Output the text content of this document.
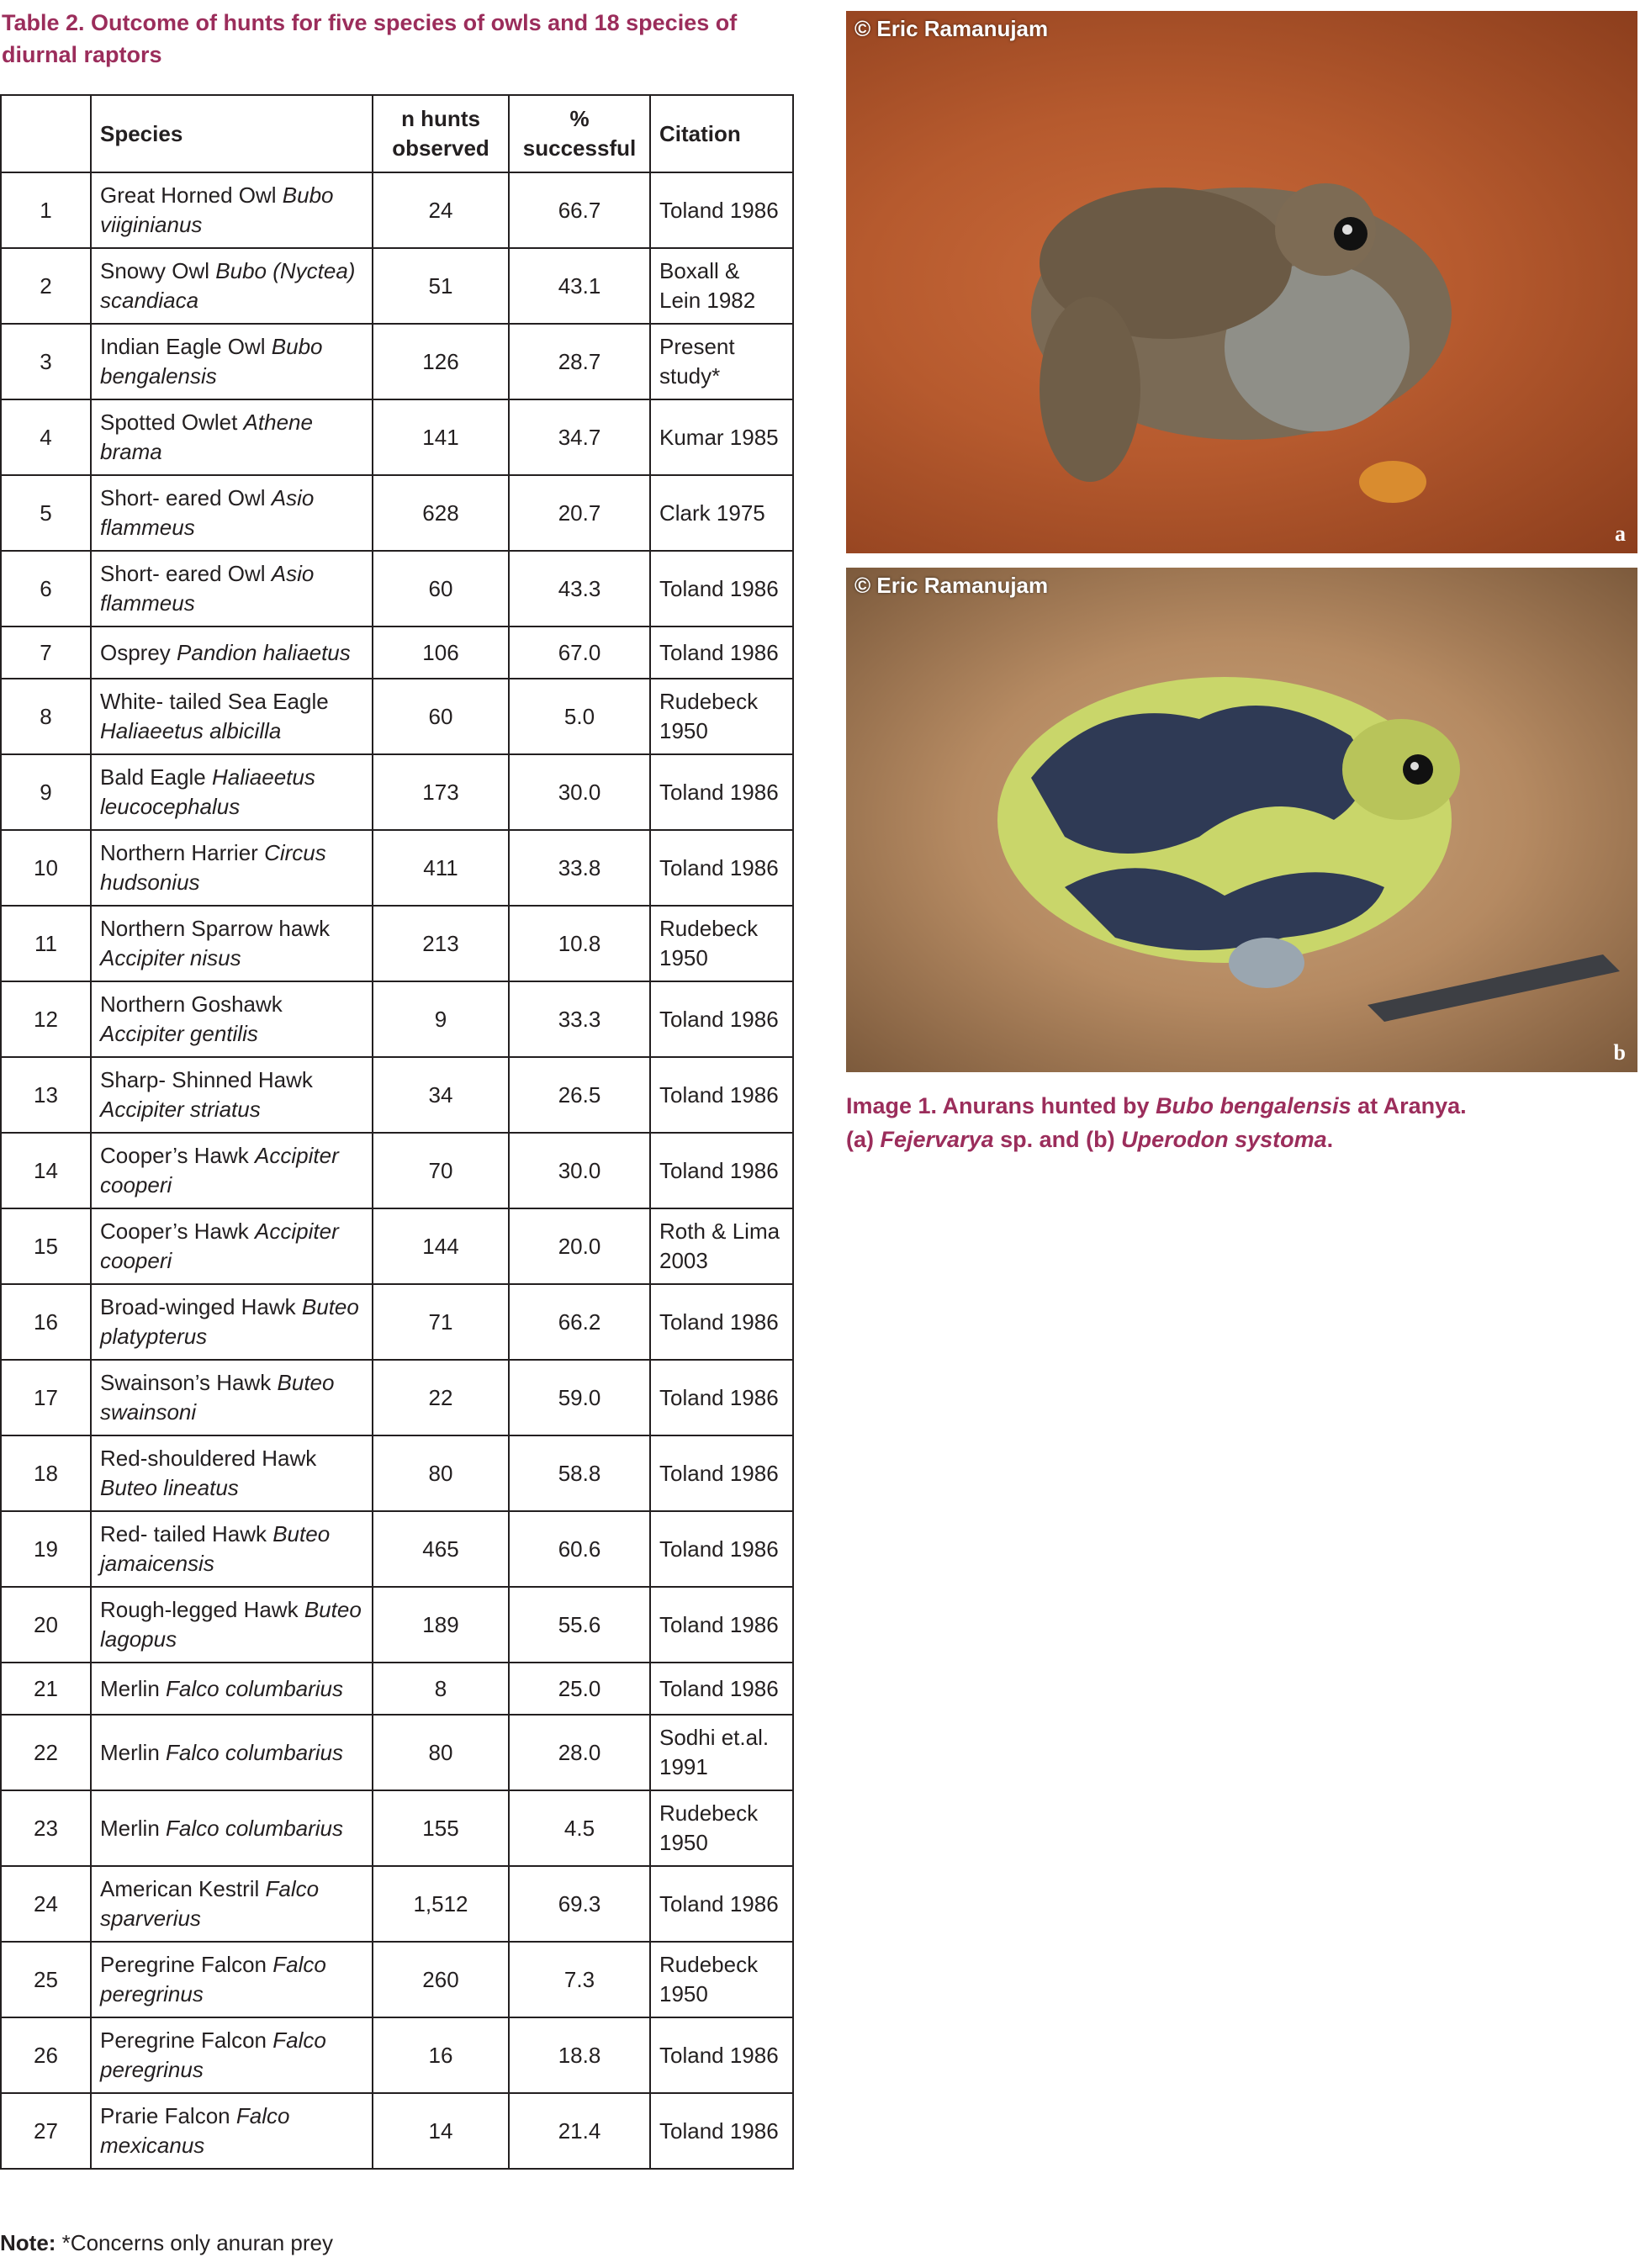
Table 2. Outcome of hunts for five species of owls and 18 species of diurnal raptors
	Species	n hunts observed	% successful	Citation
1	Great Horned Owl Bubo viiginianus	24	66.7	Toland 1986
2	Snowy Owl Bubo (Nyctea) scandiaca	51	43.1	Boxall & Lein 1982
3	Indian Eagle Owl Bubo bengalensis	126	28.7	Present study*
4	Spotted Owlet Athene brama	141	34.7	Kumar 1985
5	Short- eared Owl Asio flammeus	628	20.7	Clark 1975
6	Short- eared Owl Asio flammeus	60	43.3	Toland 1986
7	Osprey Pandion haliaetus	106	67.0	Toland 1986
8	White- tailed Sea Eagle Haliaeetus albicilla	60	5.0	Rudebeck 1950
9	Bald Eagle Haliaeetus leucocephalus	173	30.0	Toland 1986
10	Northern Harrier Circus hudsonius	411	33.8	Toland 1986
11	Northern Sparrow hawk Accipiter nisus	213	10.8	Rudebeck 1950
12	Northern Goshawk Accipiter gentilis	9	33.3	Toland 1986
13	Sharp- Shinned Hawk Accipiter striatus	34	26.5	Toland 1986
14	Cooper’s Hawk Accipiter cooperi	70	30.0	Toland 1986
15	Cooper’s Hawk Accipiter cooperi	144	20.0	Roth & Lima 2003
16	Broad-winged Hawk Buteo platypterus	71	66.2	Toland 1986
17	Swainson’s Hawk Buteo swainsoni	22	59.0	Toland 1986
18	Red-shouldered Hawk Buteo lineatus	80	58.8	Toland 1986
19	Red- tailed Hawk Buteo jamaicensis	465	60.6	Toland 1986
20	Rough-legged Hawk Buteo lagopus	189	55.6	Toland 1986
21	Merlin Falco columbarius	8	25.0	Toland 1986
22	Merlin Falco columbarius	80	28.0	Sodhi et.al. 1991
23	Merlin Falco columbarius	155	4.5	Rudebeck 1950
24	American Kestril Falco sparverius	1,512	69.3	Toland 1986
25	Peregrine Falcon Falco peregrinus	260	7.3	Rudebeck 1950
26	Peregrine Falcon Falco peregrinus	16	18.8	Toland 1986
27	Prarie Falcon Falco mexicanus	14	21.4	Toland 1986
Note: *Concerns only anuran prey
© Eric Ramanujam
a
© Eric Ramanujam
b
Image 1. Anurans hunted by Bubo bengalensis at Aranya.
(a) Fejervarya sp. and (b) Uperodon systoma.
